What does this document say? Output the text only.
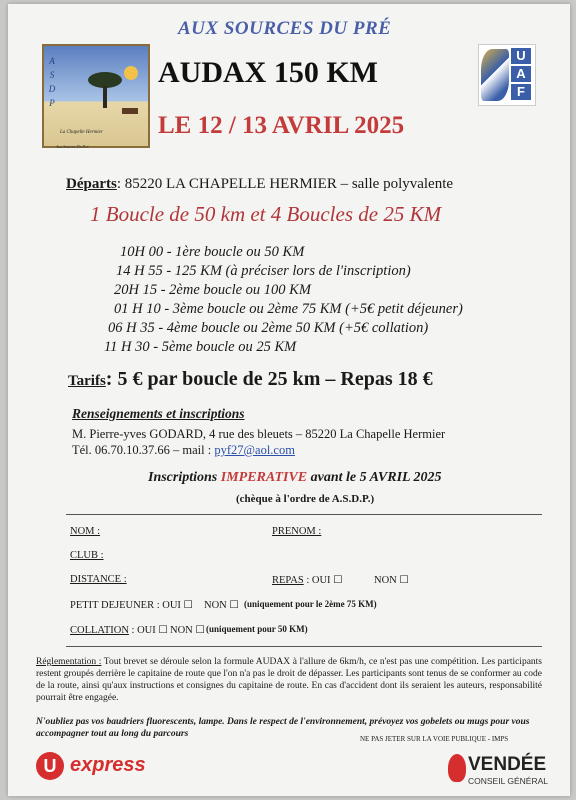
AUX SOURCES DU PRÉ
A
S
D
P
La Chapelle Hermier
Aux Sources Du Pré
AUDAX 150 KM
LE 12 / 13 AVRIL 2025
U
A
F
Départs: 85220 LA CHAPELLE HERMIER – salle polyvalente
1 Boucle de 50 km et 4 Boucles de 25 KM
10H 00 - 1ère boucle ou 50 KM
14 H 55 - 125 KM (à préciser lors de l'inscription)
20H 15 - 2ème boucle ou 100 KM
01 H 10 - 3ème boucle ou 2ème 75 KM (+5€ petit déjeuner)
06 H 35 - 4ème boucle ou 2ème 50 KM (+5€ collation)
11 H 30 - 5ème boucle ou 25 KM
Tarifs: 5 € par boucle de 25 km – Repas 18 €
Renseignements et inscriptions
M. Pierre-yves GODARD, 4 rue des bleuets – 85220 La Chapelle Hermier
Tél. 06.70.10.37.66 – mail : pyf27@aol.com
Inscriptions IMPERATIVE avant le 5 AVRIL 2025
(chèque à l'ordre de A.S.D.P.)
NOM :	PRENOM :
CLUB :
DISTANCE :	REPAS : OUI ☐	NON ☐
PETIT DEJEUNER : OUI ☐ NON ☐ (uniquement pour le 2ème 75 KM)
COLLATION : OUI ☐ NON ☐ (uniquement pour 50 KM)
Réglementation : Tout brevet se déroule selon la formule AUDAX à l'allure de 6km/h, ce n'est pas une compétition. Les participants restent groupés derrière le capitaine de route que l'on n'a pas le droit de dépasser. Les participants sont tenus de se conformer au code de la route, ainsi qu'aux instructions et consignes du capitaine de route. En cas d'accident dont ils seraient les auteurs, responsabilité pourrait être engagée.
N'oubliez pas vos baudriers fluorescents, lampe. Dans le respect de l'environnement, prévoyez vos gobelets ou mugs pour vous accompagner tout au long du parcours	NE PAS JETER SUR LA VOIE PUBLIQUE - IMPS
U express	VENDÉE
CONSEIL GÉNÉRAL
